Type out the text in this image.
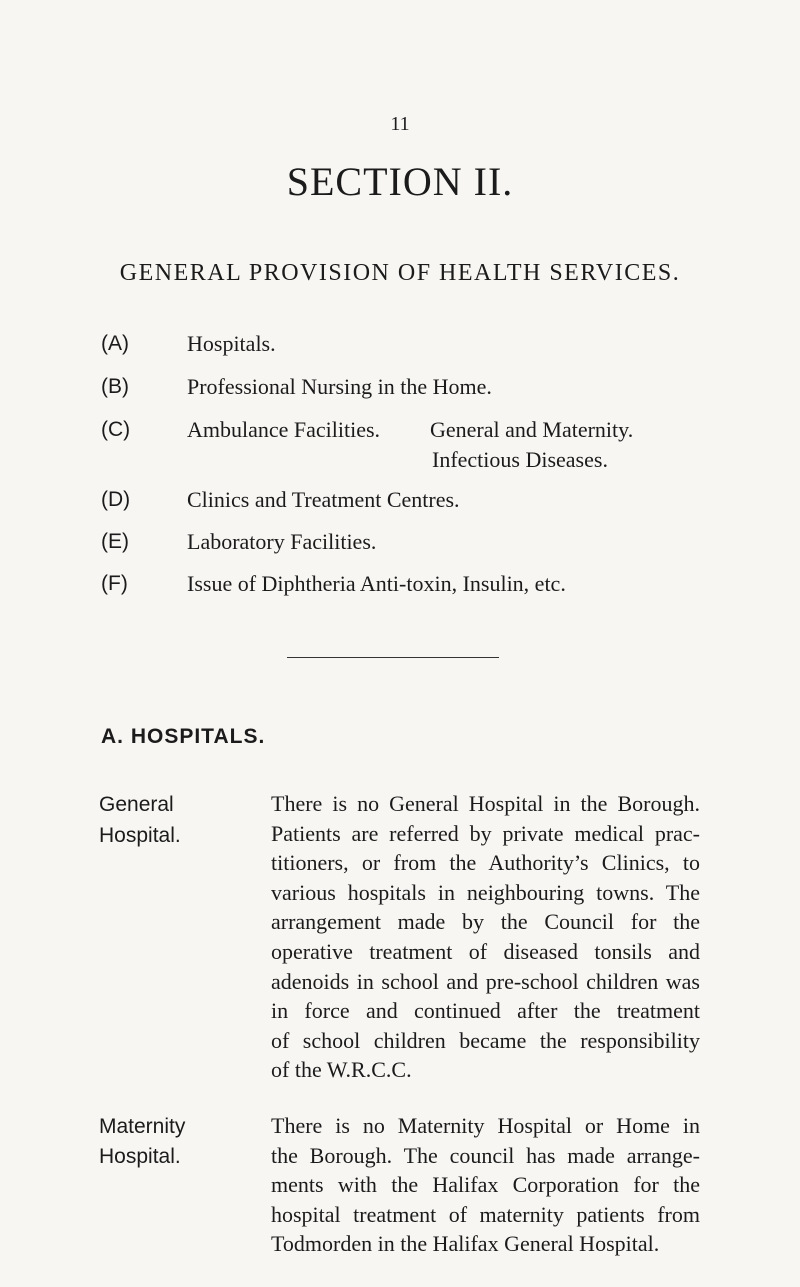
11
SECTION II.
GENERAL PROVISION OF HEALTH SERVICES.
(A)	Hospitals.
(B)	Professional Nursing in the Home.
(C)	Ambulance Facilities. General and Maternity.
Infectious Diseases.
(D)	Clinics and Treatment Centres.
(E)	Laboratory Facilities.
(F)	Issue of Diphtheria Anti-toxin, Insulin, etc.
A. HOSPITALS.
General
Hospital.
There is no General Hospital in the Borough.
Patients are referred by private medical prac-
titioners, or from the Authority’s Clinics, to
various hospitals in neighbouring towns. The
arrangement made by the Council for the
operative treatment of diseased tonsils and
adenoids in school and pre-school children was
in force and continued after the treatment
of school children became the responsibility
of the W.R.C.C.
Maternity
Hospital.
There is no Maternity Hospital or Home in
the Borough. The council has made arrange-
ments with the Halifax Corporation for the
hospital treatment of maternity patients from
Todmorden in the Halifax General Hospital.
